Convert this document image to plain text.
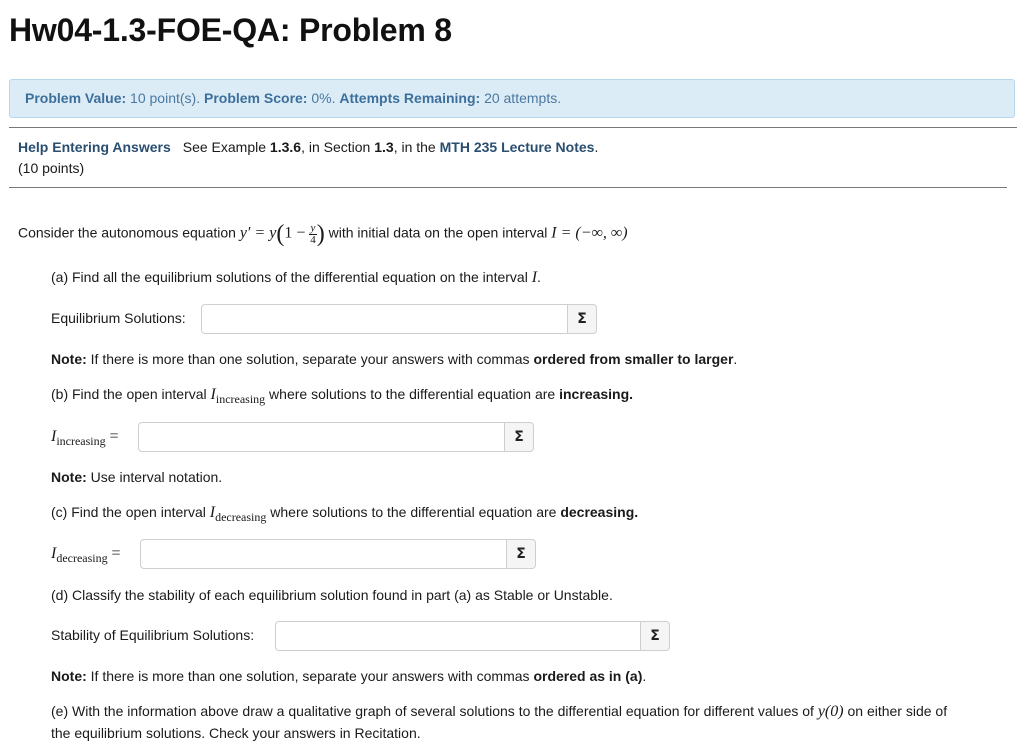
Hw04-1.3-FOE-QA: Problem 8
Problem Value: 10 point(s). Problem Score: 0%. Attempts Remaining: 20 attempts.
Help Entering Answers See Example 1.3.6, in Section 1.3, in the MTH 235 Lecture Notes.
(10 points)
Consider the autonomous equation $y' = y(1 - \frac{y}{4}$ ) with initial data on the open interval I = (−∞, ∞)
(a) Find all the equilibrium solutions of the differential equation on the interval I.
Equilibrium Solutions:	Σ
Note: If there is more than one solution, separate your answers with commas ordered from smaller to larger.
(b) Find the open interval Iincreasing where solutions to the differential equation are increasing.
Iincreasing =	Σ
Note: Use interval notation.
(c) Find the open interval Idecreasing where solutions to the differential equation are decreasing.
Idecreasing =	Σ
(d) Classify the stability of each equilibrium solution found in part (a) as Stable or Unstable.
Stability of Equilibrium Solutions:	Σ
Note: If there is more than one solution, separate your answers with commas ordered as in (a).
(e) With the information above draw a qualitative graph of several solutions to the differential equation for different values of y(0) on either side of
the equilibrium solutions. Check your answers in Recitation.
